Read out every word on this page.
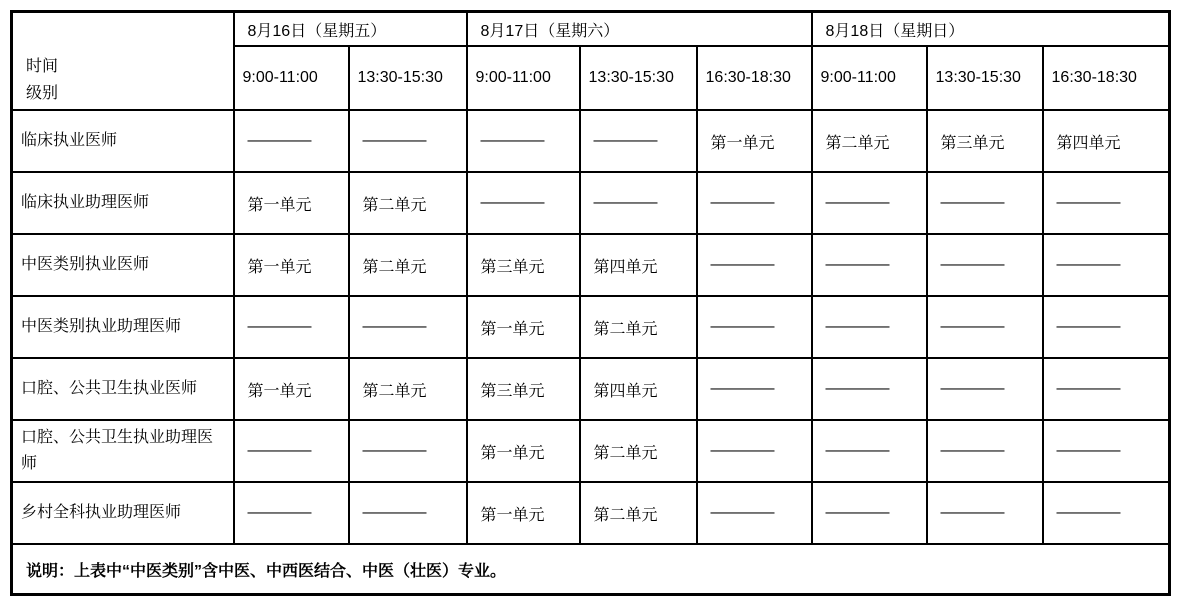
时间
级别	8月16日（星期五）		8月17日（星期六）			8月18日（星期日）		
	9:00-11:00	13:30-15:30	9:00-11:00	13:30-15:30	16:30-18:30	9:00-11:00	13:30-15:30	16:30-18:30
临床执业医师	————	————	————	————	第一单元	第二单元	第三单元	第四单元
临床执业助理医师	第一单元	第二单元	————	————	————	————	————	————
中医类别执业医师	第一单元	第二单元	第三单元	第四单元	————	————	————	————
中医类别执业助理医师	————	————	第一单元	第二单元	————	————	————	————
口腔、公共卫生执业医师	第一单元	第二单元	第三单元	第四单元	————	————	————	————
口腔、公共卫生执业助理医师	————	————	第一单元	第二单元	————	————	————	————
乡村全科执业助理医师	————	————	第一单元	第二单元	————	————	————	————
说明：上表中“中医类别”含中医、中西医结合、中医（壮医）专业。								
